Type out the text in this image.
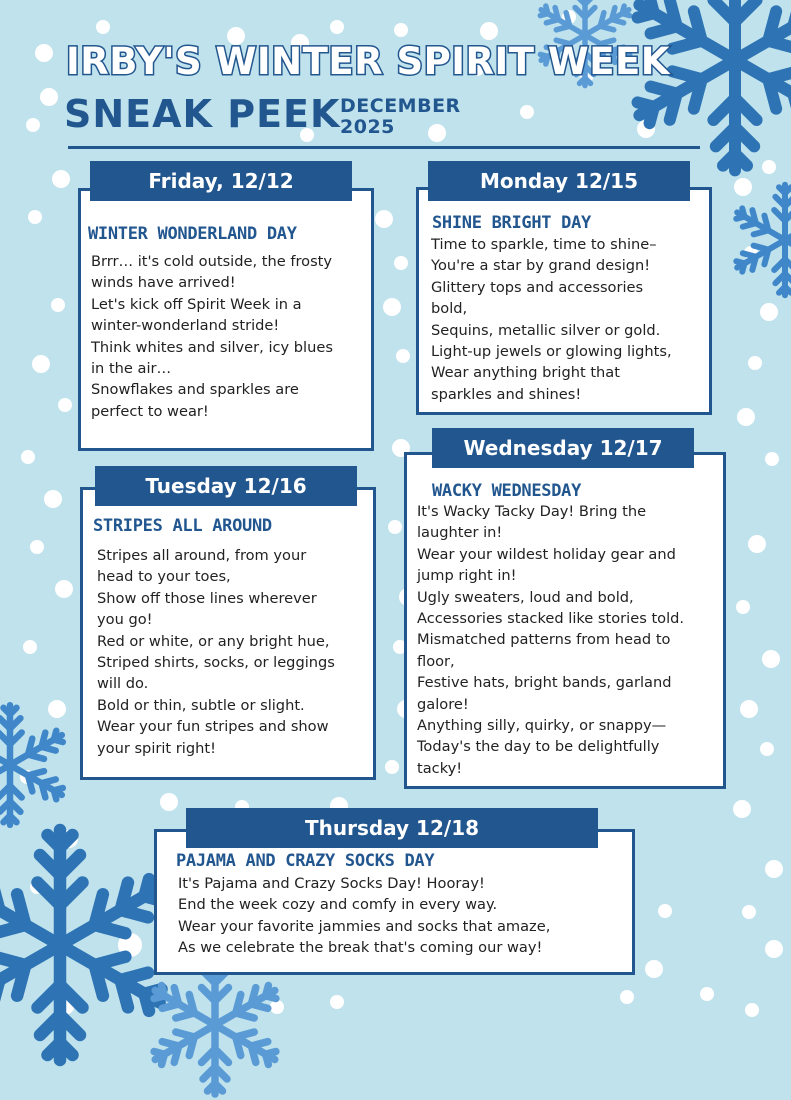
IRBY'S WINTER SPIRIT WEEK
SNEAK PEEK DECEMBER
2025
Friday, 12/12
WINTER WONDERLAND DAY
Brrr… it's cold outside, the frosty
winds have arrived!
Let's kick off Spirit Week in a
winter-wonderland stride!
Think whites and silver, icy blues
in the air…
Snowflakes and sparkles are
perfect to wear!
Monday 12/15
SHINE BRIGHT DAY
Time to sparkle, time to shine–
You're a star by grand design!
Glittery tops and accessories
bold,
Sequins, metallic silver or gold.
Light-up jewels or glowing lights,
Wear anything bright that
sparkles and shines!
Tuesday 12/16
STRIPES ALL AROUND
Stripes all around, from your
head to your toes,
Show off those lines wherever
you go!
Red or white, or any bright hue,
Striped shirts, socks, or leggings
will do.
Bold or thin, subtle or slight.
Wear your fun stripes and show
your spirit right!
Wednesday 12/17
WACKY WEDNESDAY
It's Wacky Tacky Day! Bring the
laughter in!
Wear your wildest holiday gear and
jump right in!
Ugly sweaters, loud and bold,
Accessories stacked like stories told.
Mismatched patterns from head to
floor,
Festive hats, bright bands, garland
galore!
Anything silly, quirky, or snappy—
Today's the day to be delightfully
tacky!
Thursday 12/18
PAJAMA AND CRAZY SOCKS DAY
It's Pajama and Crazy Socks Day! Hooray!
End the week cozy and comfy in every way.
Wear your favorite jammies and socks that amaze,
As we celebrate the break that's coming our way!
